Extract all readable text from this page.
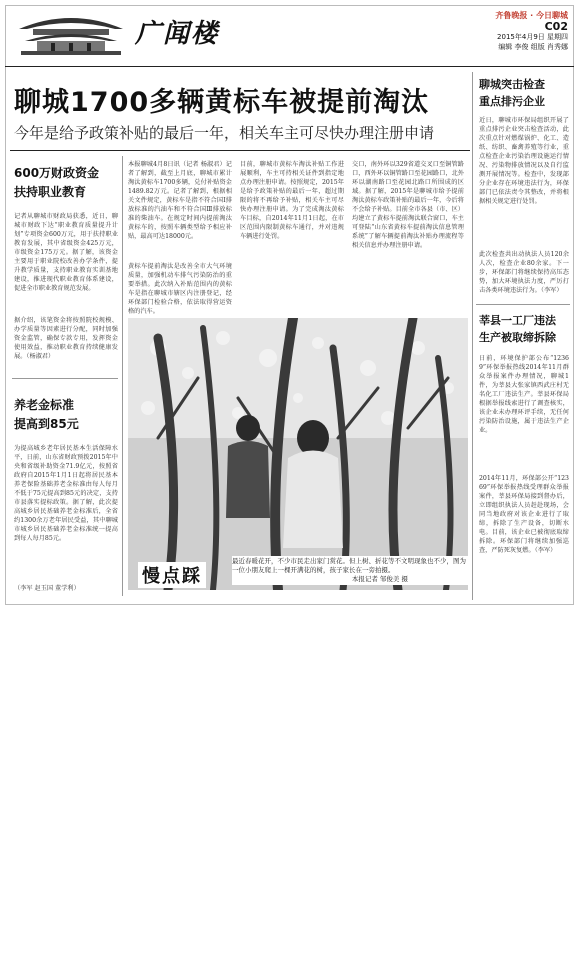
广闻楼
齐鲁晚报 · 今日聊城
C02
2015年4月9日 星期四
编辑 李俊 组版 肖秀娜
聊城1700多辆黄标车被提前淘汰
今年是给予政策补贴的最后一年，相关车主可尽快办理注册申请
600万财政资金
扶持职业教育
记者从聊城市财政局获悉，近日，聊城市财政下达“职业教育质量提升计划”专项资金600万元，用于扶持职业教育发展，其中省级资金425万元，市级资金175万元。据了解，该资金主要用于职业院校改善办学条件，提升教学质量，支持职业教育实训基地建设，推进现代职业教育体系建设，促进全市职业教育规范发展。
据介绍，该笔资金将按照院校规模、办学质量等因素进行分配，同时加强资金监管，确保专款专用，发挥资金使用效益，推动职业教育持续健康发展。（杨淑君）
养老金标准
提高到85元
为提高城乡老年居民基本生活保障水平，日前，山东省财政预拨2015年中央和省级补助资金71.9亿元，按照省政府自2015年1月1日起将居民基本养老保险基础养老金标准由每人每月不低于75元提高到85元的决定，支持市县落实提标政策。据了解，此次提高城乡居民基础养老金标准后，全省约1300余万老年居民受益，其中聊城市城乡居民基础养老金标准统一提高到每人每月85元。
（李军 赵玉国 董学利）
本报聊城4月8日讯（记者 杨淑君）记者了解到，截至上月底，聊城市累计淘汰黄标车1700多辆，兑付补贴资金1489.82万元。记者了解到，根据相关文件规定，黄标车是指不符合国Ⅰ排放标准的汽油车和不符合国Ⅲ排放标准的柴油车。在规定时间内提前淘汰黄标车的，按照车辆类型给予相应补贴，最高可达18000元。
黄标车提前淘汰是改善全市大气环境质量，加强机动车排气污染防治的重要举措。此次纳入补贴范围内的黄标车是指在聊城市辖区内注册登记，经环保部门检验合格，依法取得营运资格的汽车。
目前，聊城市黄标车淘汰补贴工作进展顺利，车主可持相关证件到指定地点办理注册申请。按照规定，2015年是给予政策补贴的最后一年，超过期限的将不再给予补贴，相关车主可尽快办理注册申请。为了完成淘汰黄标车目标，自2014年11月1日起，在市区范围内限制黄标车通行，并对违规车辆进行处罚。
交口，南外环以329省道交叉口至铜管路口，西外环以铜管路口至花园路口，北外环以湖南路口至花园北路口所围成的区域。据了解，2015年是聊城市给予提前淘汰黄标车政策补贴的最后一年，今后将不会给予补贴。目前全市各县（市、区）均建立了黄标车提前淘汰联合窗口，车主可登陆“山东省黄标车提前淘汰信息管理系统”了解车辆提前淘汰补贴办理流程等相关信息并办理注册申请。
慢点踩
最近春暖花开，不少市民走出家门赏花。但上树、折花等不文明现象也不少，图为一位小朋友爬上一棵开满花的树，孩子家长在一旁拍摄。
本报记者 邹俊美 摄
聊城突击检查
重点排污企业
近日，聊城市环保局组织开展了重点排污企业突击检查活动，此次重点针对燃煤锅炉、化工、造纸、纺织、畜禽养殖等行业，重点检查企业污染治理设施运行情况、污染物排放情况以及自行监测开展情况等。检查中，发现部分企业存在环境违法行为，环保部门已依法责令其整改，并将根据相关规定进行处罚。
此次检查共出动执法人员120余人次，检查企业80余家。下一步，环保部门将继续保持高压态势，加大环境执法力度，严厉打击各类环境违法行为。（李军）
莘县一工厂违法
生产被取缔拆除
日前，环境保护部公布“12369”环保举报热线2014年11月群众举报案件办理情况，聊城1件，为莘县大张家镇西武庄村无名化工厂违法生产。莘县环保局根据举报线索进行了调查核实，该企业未办理环评手续，无任何污染防治设施，属于违法生产企业。
2014年11月，环保部公开“12369”环保举报热线受理群众举报案件，莘县环保局接到督办后，立即组织执法人员赶赴现场，会同当地政府对该企业进行了取缔，拆除了生产设备，切断水电。目前，该企业已被彻底取缔拆除。环保部门将继续加强巡查，严防死灰复燃。（李军）
